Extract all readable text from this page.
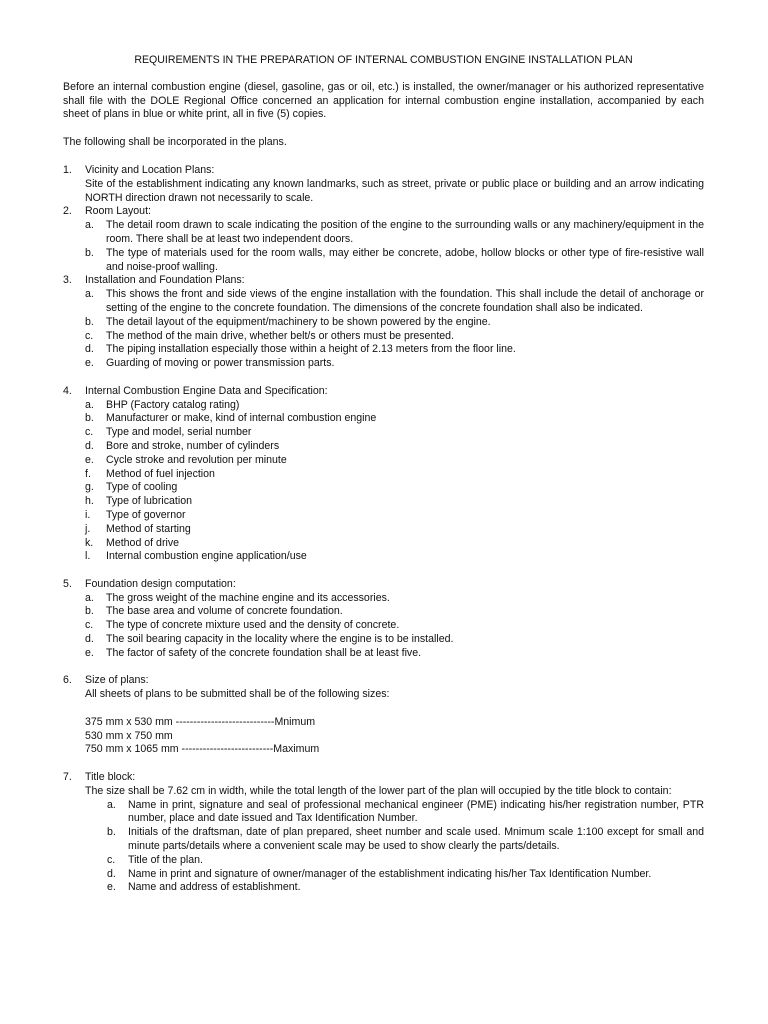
REQUIREMENTS IN THE PREPARATION OF INTERNAL COMBUSTION ENGINE INSTALLATION PLAN

Before an internal combustion engine (diesel, gasoline, gas or oil, etc.) is installed, the owner/manager or his authorized representative shall file with the DOLE Regional Office concerned an application for internal combustion engine installation, accompanied by each sheet of plans in blue or white print, all in five (5) copies.

The following shall be incorporated in the plans.

1.	Vicinity and Location Plans:
Site of the establishment indicating any known landmarks, such as street, private or public place or building and an arrow indicating NORTH direction drawn not necessarily to scale.
2.	Room Layout:
a.	The detail room drawn to scale indicating the position of the engine to the surrounding walls or any machinery/equipment in the room. There shall be at least two independent doors.
b.	The type of materials used for the room walls, may either be concrete, adobe, hollow blocks or other type of fire-resistive wall and noise-proof walling.
3.	Installation and Foundation Plans:
a.	This shows the front and side views of the engine installation with the foundation. This shall include the detail of anchorage or setting of the engine to the concrete foundation. The dimensions of the concrete foundation shall also be indicated.
b.	The detail layout of the equipment/machinery to be shown powered by the engine.
c.	The method of the main drive, whether belt/s or others must be presented.
d.	The piping installation especially those within a height of 2.13 meters from the floor line.
e.	Guarding of moving or power transmission parts.
4.	Internal Combustion Engine Data and Specification:
a.	BHP (Factory catalog rating)
b.	Manufacturer or make, kind of internal combustion engine
c.	Type and model, serial number
d.	Bore and stroke, number of cylinders
e.	Cycle stroke and revolution per minute
f.	Method of fuel injection
g.	Type of cooling
h.	Type of lubrication
i.	Type of governor
j.	Method of starting
k.	Method of drive
l.	Internal combustion engine application/use
5.	Foundation design computation:
a.	The gross weight of the machine engine and its accessories.
b.	The base area and volume of concrete foundation.
c.	The type of concrete mixture used and the density of concrete.
d.	The soil bearing capacity in the locality where the engine is to be installed.
e.	The factor of safety of the concrete foundation shall be at least five.
6.	Size of plans:
All sheets of plans to be submitted shall be of the following sizes:
375 mm x 530 mm ----------------------------Mnimum
530 mm x 750 mm
750 mm x 1065 mm --------------------------Maximum
7.	Title block:
The size shall be 7.62 cm in width, while the total length of the lower part of the plan will occupied by the title block to contain:
a.	Name in print, signature and seal of professional mechanical engineer (PME) indicating his/her registration number, PTR number, place and date issued and Tax Identification Number.
b.	Initials of the draftsman, date of plan prepared, sheet number and scale used. Mnimum scale 1:100 except for small and minute parts/details where a convenient scale may be used to show clearly the parts/details.
c.	Title of the plan.
d.	Name in print and signature of owner/manager of the establishment indicating his/her Tax Identification Number.
e.	Name and address of establishment.
